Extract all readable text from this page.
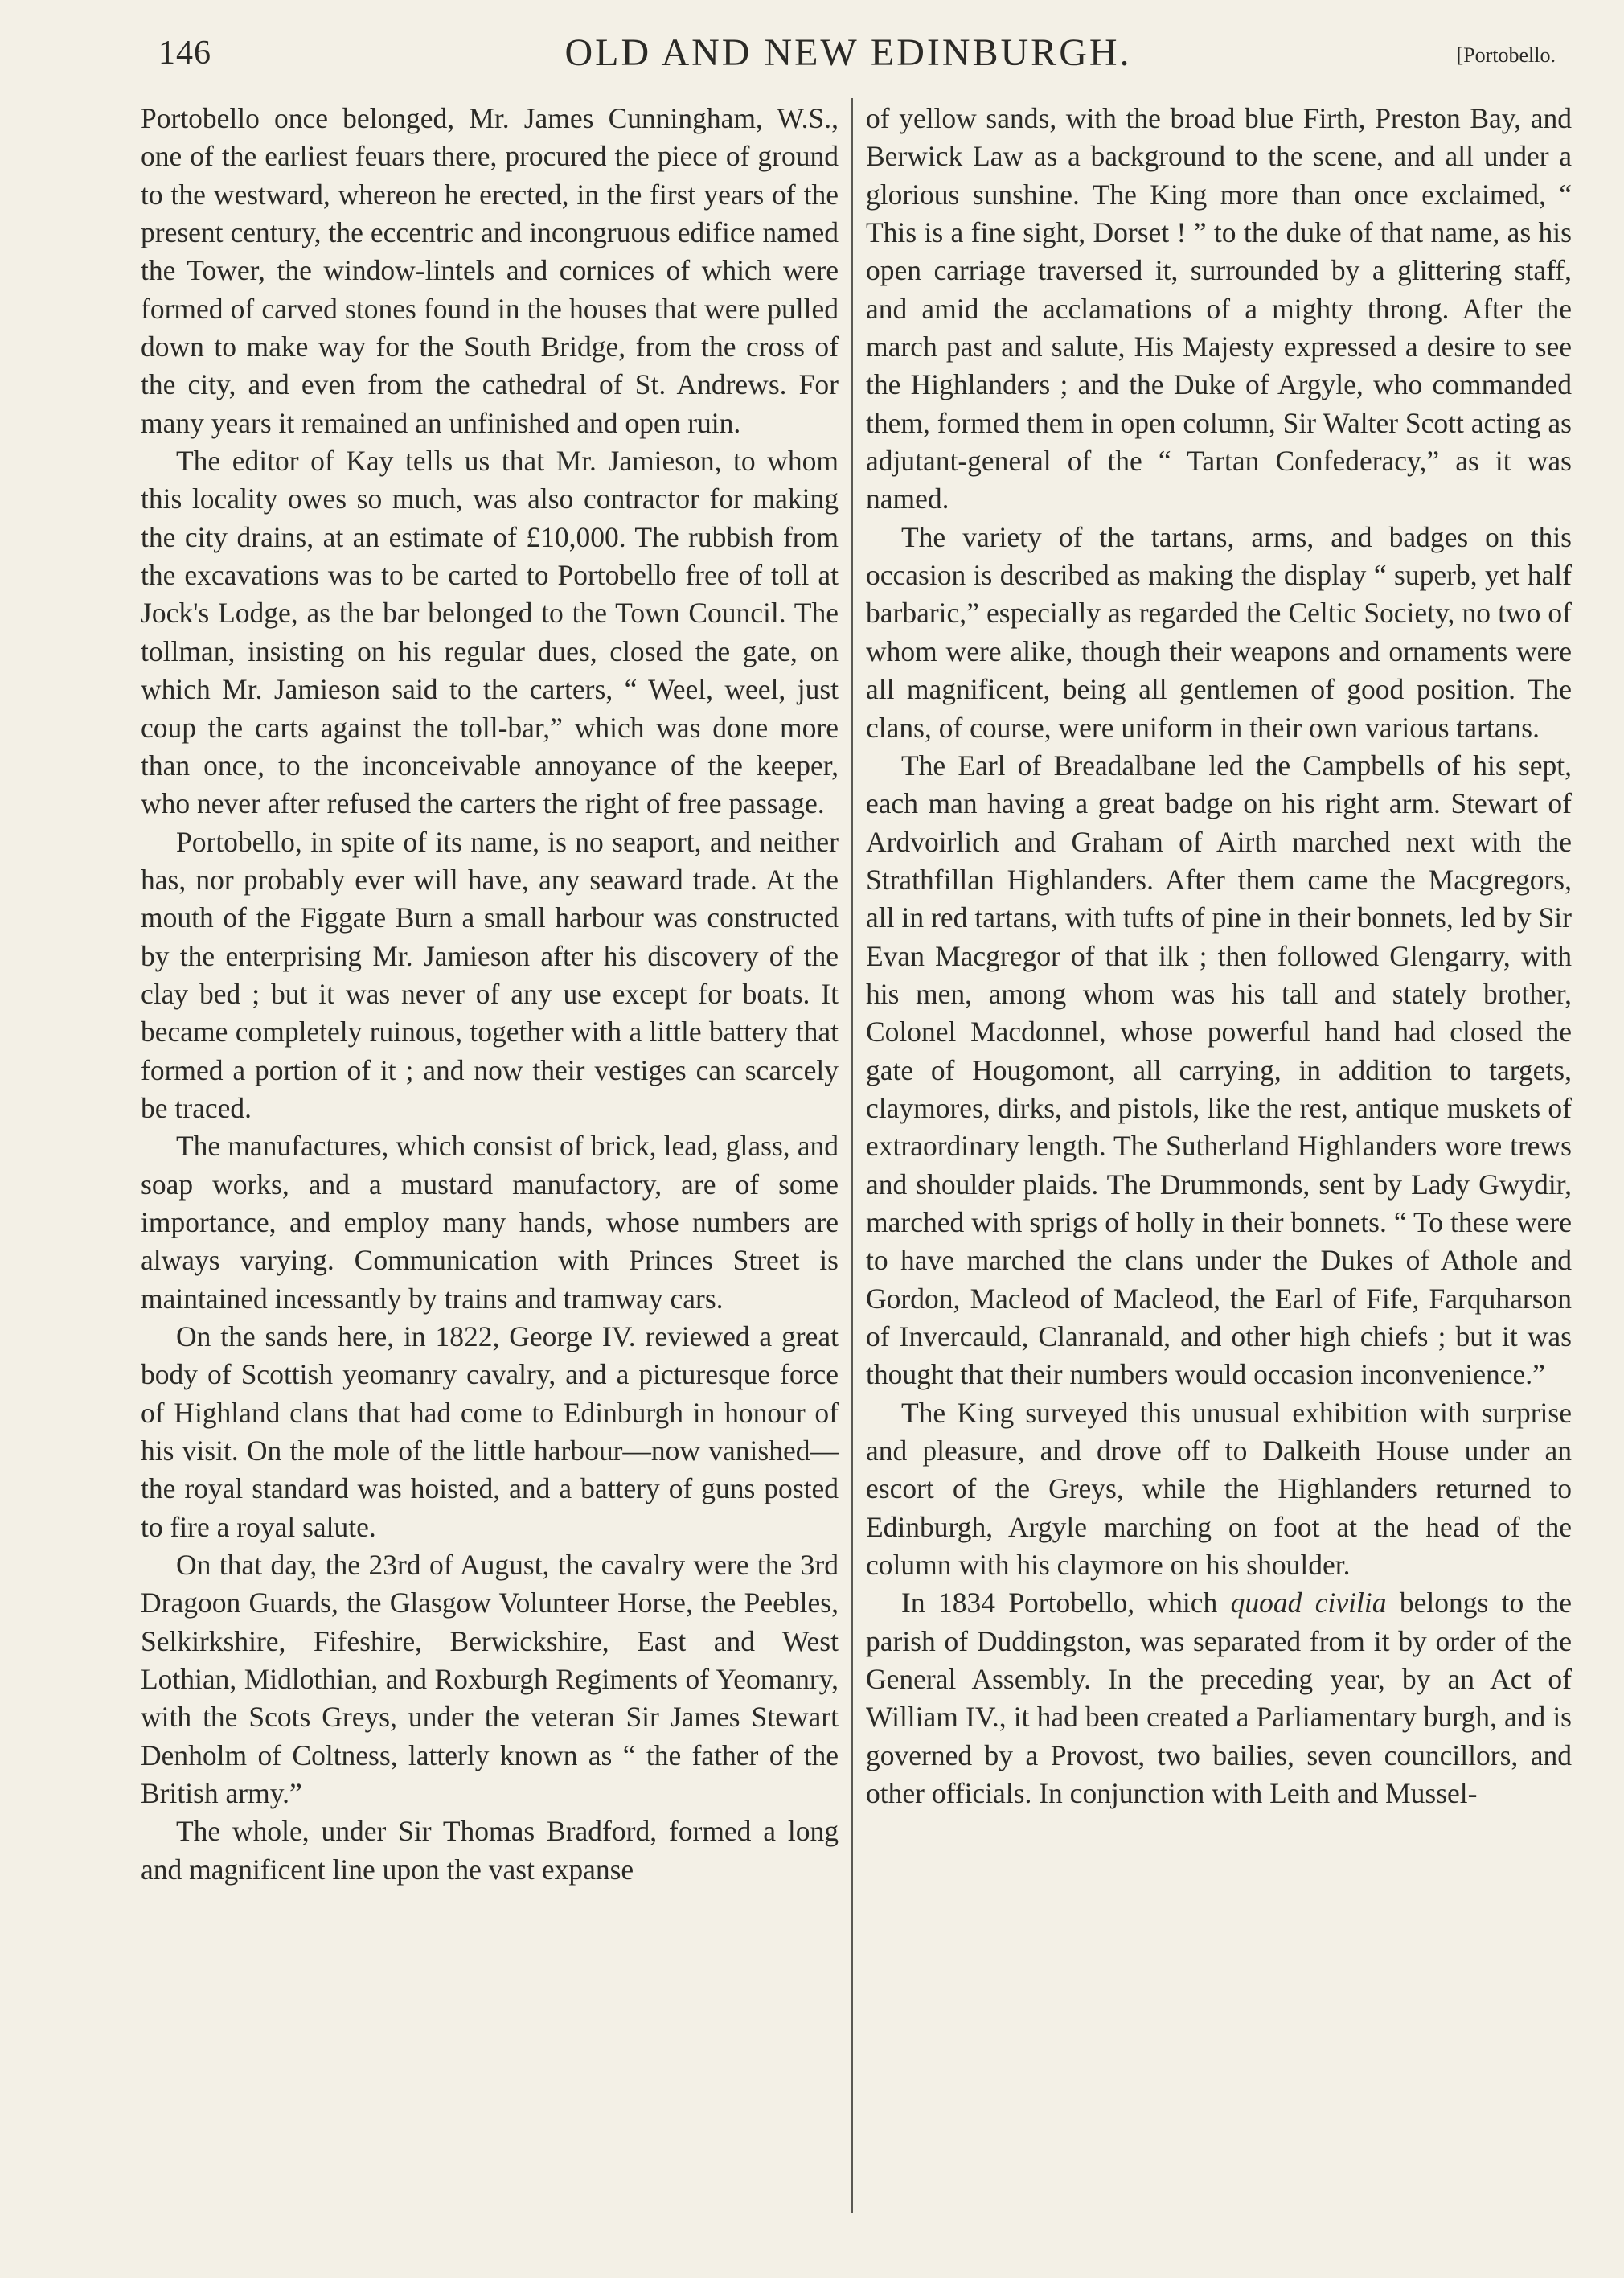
146	OLD AND NEW EDINBURGH.	[Portobello.

Portobello once belonged, Mr. James Cunningham, W.S., one of the earliest feuars there, procured the piece of ground to the westward, whereon he erected, in the first years of the present century, the eccentric and incongruous edifice named the Tower, the window-lintels and cornices of which were formed of carved stones found in the houses that were pulled down to make way for the South Bridge, from the cross of the city, and even from the cathedral of St. Andrews. For many years it remained an unfinished and open ruin.

The editor of Kay tells us that Mr. Jamieson, to whom this locality owes so much, was also contractor for making the city drains, at an estimate of £10,000. The rubbish from the excavations was to be carted to Portobello free of toll at Jock's Lodge, as the bar belonged to the Town Council. The tollman, insisting on his regular dues, closed the gate, on which Mr. Jamieson said to the carters, “ Weel, weel, just coup the carts against the toll-bar,” which was done more than once, to the inconceivable annoyance of the keeper, who never after refused the carters the right of free passage.

Portobello, in spite of its name, is no seaport, and neither has, nor probably ever will have, any seaward trade. At the mouth of the Figgate Burn a small harbour was constructed by the enterprising Mr. Jamieson after his discovery of the clay bed ; but it was never of any use except for boats. It became completely ruinous, together with a little battery that formed a portion of it ; and now their vestiges can scarcely be traced.

The manufactures, which consist of brick, lead, glass, and soap works, and a mustard manufactory, are of some importance, and employ many hands, whose numbers are always varying. Communication with Princes Street is maintained incessantly by trains and tramway cars.

On the sands here, in 1822, George IV. reviewed a great body of Scottish yeomanry cavalry, and a picturesque force of Highland clans that had come to Edinburgh in honour of his visit. On the mole of the little harbour—now vanished—the royal standard was hoisted, and a battery of guns posted to fire a royal salute.

On that day, the 23rd of August, the cavalry were the 3rd Dragoon Guards, the Glasgow Volunteer Horse, the Peebles, Selkirkshire, Fifeshire, Berwickshire, East and West Lothian, Midlothian, and Roxburgh Regiments of Yeomanry, with the Scots Greys, under the veteran Sir James Stewart Denholm of Coltness, latterly known as “ the father of the British army.”

The whole, under Sir Thomas Bradford, formed a long and magnificent line upon the vast expanse

of yellow sands, with the broad blue Firth, Preston Bay, and Berwick Law as a background to the scene, and all under a glorious sunshine. The King more than once exclaimed, “ This is a fine sight, Dorset ! ” to the duke of that name, as his open carriage traversed it, surrounded by a glittering staff, and amid the acclamations of a mighty throng. After the march past and salute, His Majesty expressed a desire to see the Highlanders ; and the Duke of Argyle, who commanded them, formed them in open column, Sir Walter Scott acting as adjutant-general of the “ Tartan Confederacy,” as it was named.

The variety of the tartans, arms, and badges on this occasion is described as making the display “ superb, yet half barbaric,” especially as regarded the Celtic Society, no two of whom were alike, though their weapons and ornaments were all magnificent, being all gentlemen of good position. The clans, of course, were uniform in their own various tartans.

The Earl of Breadalbane led the Campbells of his sept, each man having a great badge on his right arm. Stewart of Ardvoirlich and Graham of Airth marched next with the Strathfillan Highlanders. After them came the Macgregors, all in red tartans, with tufts of pine in their bonnets, led by Sir Evan Macgregor of that ilk ; then followed Glengarry, with his men, among whom was his tall and stately brother, Colonel Macdonnel, whose powerful hand had closed the gate of Hougomont, all carrying, in addition to targets, claymores, dirks, and pistols, like the rest, antique muskets of extraordinary length. The Sutherland Highlanders wore trews and shoulder plaids. The Drummonds, sent by Lady Gwydir, marched with sprigs of holly in their bonnets. “ To these were to have marched the clans under the Dukes of Athole and Gordon, Macleod of Macleod, the Earl of Fife, Farquharson of Invercauld, Clanranald, and other high chiefs ; but it was thought that their numbers would occasion inconvenience.”

The King surveyed this unusual exhibition with surprise and pleasure, and drove off to Dalkeith House under an escort of the Greys, while the Highlanders returned to Edinburgh, Argyle marching on foot at the head of the column with his claymore on his shoulder.

In 1834 Portobello, which quoad civilia belongs to the parish of Duddingston, was separated from it by order of the General Assembly. In the preceding year, by an Act of William IV., it had been created a Parliamentary burgh, and is governed by a Provost, two bailies, seven councillors, and other officials. In conjunction with Leith and Mussel-
